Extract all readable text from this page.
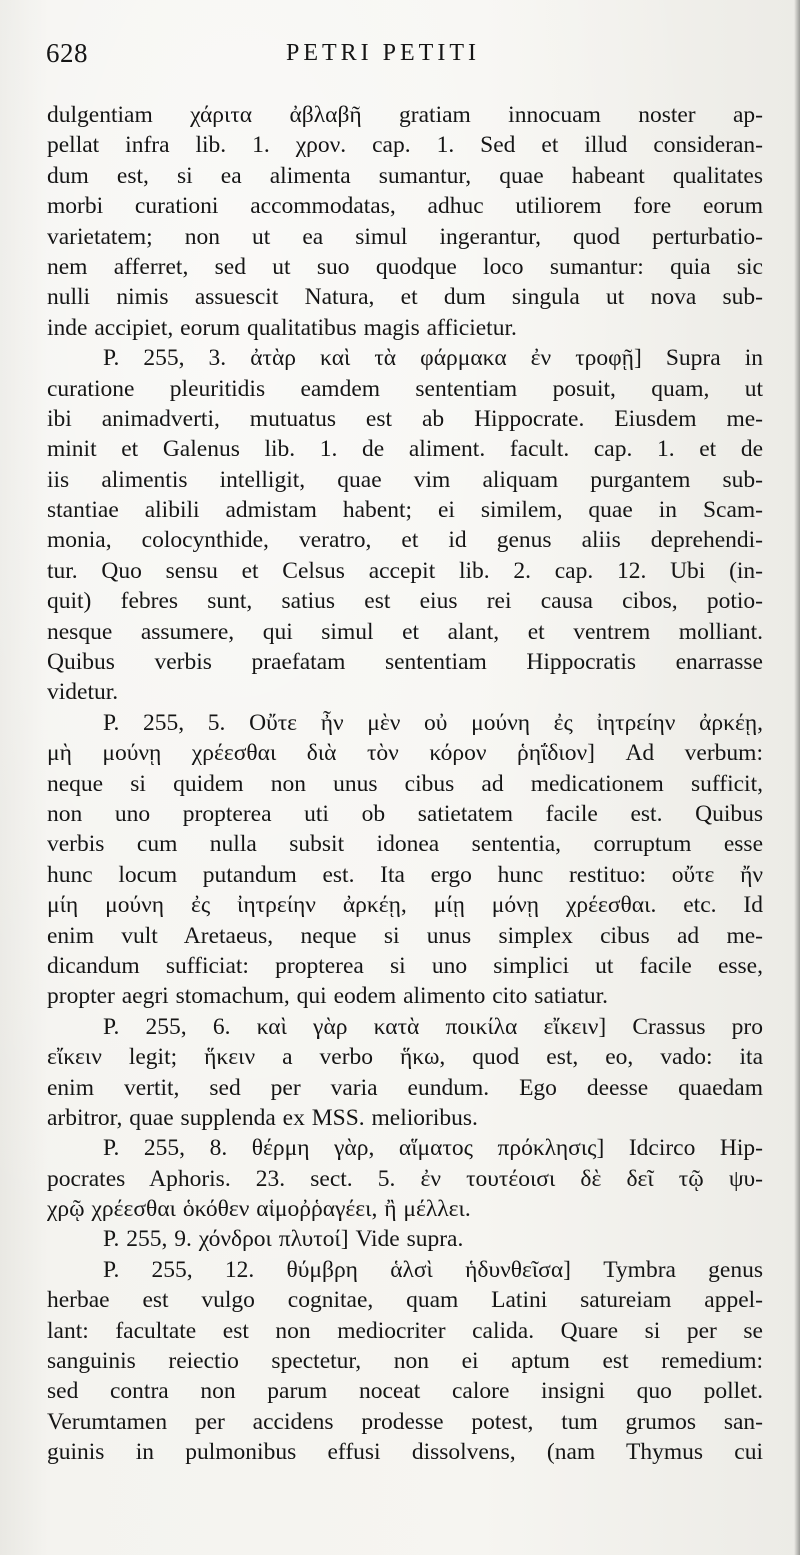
628	PETRI PETITI
dulgentiam χάριτα ἀβλαβῆ gratiam innocuam noster ap-
pellat infra lib. 1. χρον. cap. 1. Sed et illud consideran-
dum est, si ea alimenta sumantur, quae habeant qualitates
morbi curationi accommodatas, adhuc utiliorem fore eorum
varietatem; non ut ea simul ingerantur, quod perturbatio-
nem afferret, sed ut suo quodque loco sumantur: quia sic
nulli nimis assuescit Natura, et dum singula ut nova sub-
inde accipiet, eorum qualitatibus magis afficietur.
P. 255, 3. ἀτὰρ καὶ τὰ φάρμακα ἐν τροφῇ] Supra in
curatione pleuritidis eamdem sententiam posuit, quam, ut
ibi animadverti, mutuatus est ab Hippocrate. Eiusdem me-
minit et Galenus lib. 1. de aliment. facult. cap. 1. et de
iis alimentis intelligit, quae vim aliquam purgantem sub-
stantiae alibili admistam habent; ei similem, quae in Scam-
monia, colocynthide, veratro, et id genus aliis deprehendi-
tur. Quo sensu et Celsus accepit lib. 2. cap. 12. Ubi (in-
quit) febres sunt, satius est eius rei causa cibos, potio-
nesque assumere, qui simul et alant, et ventrem molliant.
Quibus verbis praefatam sententiam Hippocratis enarrasse
videtur.
P. 255, 5. Οὔτε ἦν μὲν οὐ μούνη ἐς ἰητρείην ἀρκέῃ,
μὴ μούνῃ χρέεσθαι διὰ τὸν κόρον ῥηΐδιον] Ad verbum:
neque si quidem non unus cibus ad medicationem sufficit,
non uno propterea uti ob satietatem facile est. Quibus
verbis cum nulla subsit idonea sententia, corruptum esse
hunc locum putandum est. Ita ergo hunc restituo: οὔτε ἤν
μίη μούνη ἐς ἰητρείην ἀρκέῃ, μίῃ μόνῃ χρέεσθαι. etc. Id
enim vult Aretaeus, neque si unus simplex cibus ad me-
dicandum sufficiat: propterea si uno simplici ut facile esse,
propter aegri stomachum, qui eodem alimento cito satiatur.
P. 255, 6. καὶ γὰρ κατὰ ποικίλα εἴκειν] Crassus pro
εἴκειν legit; ἥκειν a verbo ἥκω, quod est, eo, vado: ita
enim vertit, sed per varia eundum. Ego deesse quaedam
arbitror, quae supplenda ex MSS. melioribus.
P. 255, 8. θέρμη γὰρ, αἵματος πρόκλησις] Idcirco Hip-
pocrates Aphoris. 23. sect. 5. ἐν τουτέοισι δὲ δεῖ τῷ ψυ-
χρῷ χρέεσθαι ὁκόθεν αἱμοῤῥαγέει, ἢ μέλλει.
P. 255, 9. χόνδροι πλυτοί] Vide supra.
P. 255, 12. θύμβρη ἁλσὶ ἡδυνθεῖσα] Tymbra genus
herbae est vulgo cognitae, quam Latini satureiam appel-
lant: facultate est non mediocriter calida. Quare si per se
sanguinis reiectio spectetur, non ei aptum est remedium:
sed contra non parum noceat calore insigni quo pollet.
Verumtamen per accidens prodesse potest, tum grumos san-
guinis in pulmonibus effusi dissolvens, (nam Thymus cui
